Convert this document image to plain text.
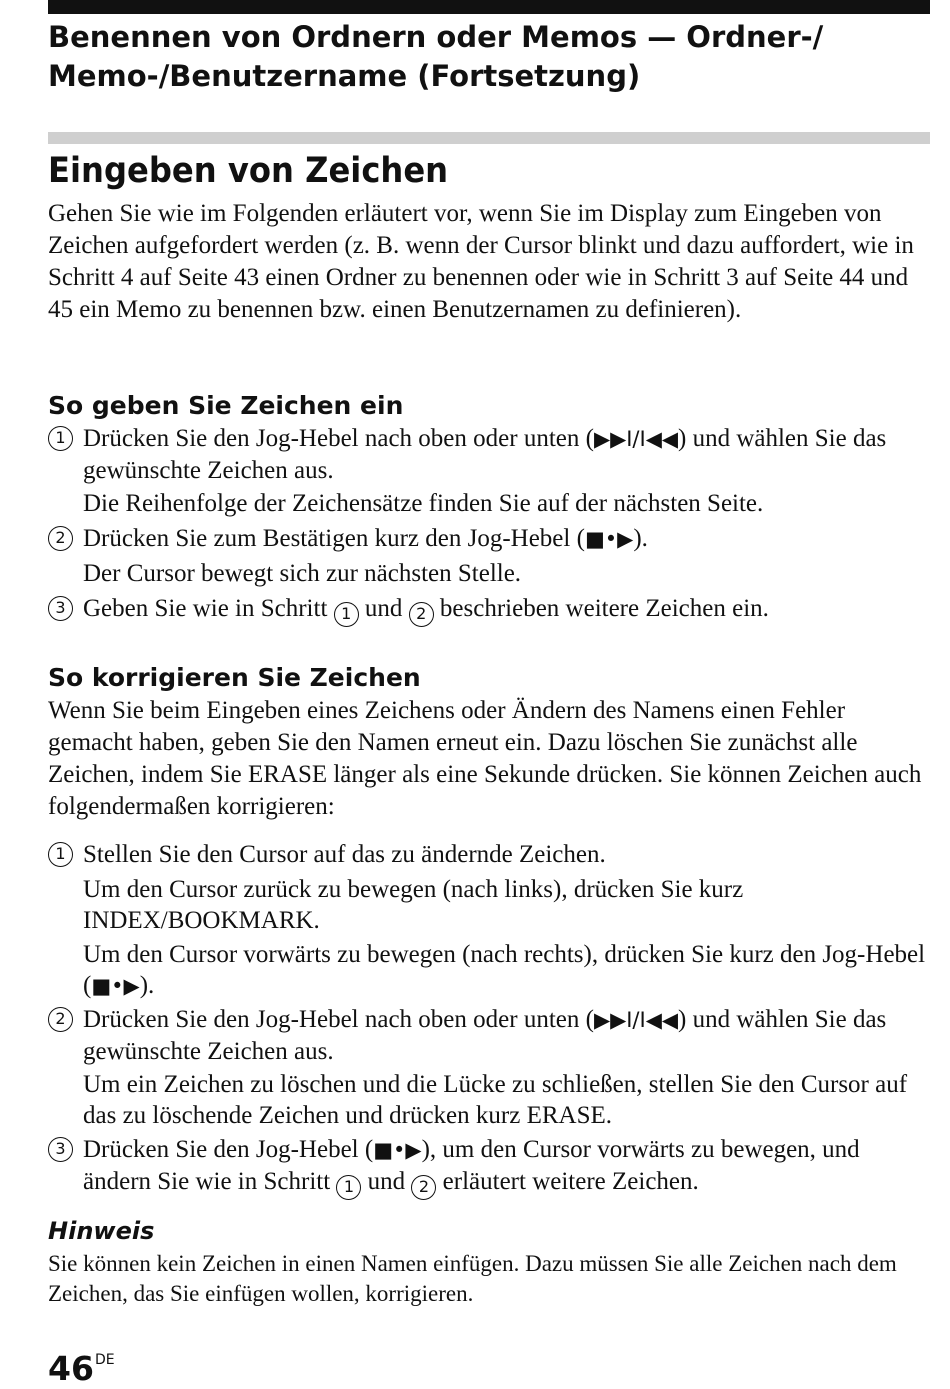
Benennen von Ordnern oder Memos — Ordner-/
Memo-/Benutzername (Fortsetzung)
Eingeben von Zeichen

Gehen Sie wie im Folgenden erläutert vor, wenn Sie im Display zum Eingeben von Zeichen aufgefordert werden (z. B. wenn der Cursor blinkt und dazu auffordert, wie in Schritt 4 auf Seite 43 einen Ordner zu benennen oder wie in Schritt 3 auf Seite 44 und 45 ein Memo zu benennen bzw. einen Benutzernamen zu definieren).

So geben Sie Zeichen ein
1 Drücken Sie den Jog-Hebel nach oben oder unten (▶▶I/I◀◀) und wählen Sie das gewünschte Zeichen aus.
Die Reihenfolge der Zeichensätze finden Sie auf der nächsten Seite.
2 Drücken Sie zum Bestätigen kurz den Jog-Hebel (■•▶).
Der Cursor bewegt sich zur nächsten Stelle.
3 Geben Sie wie in Schritt 1 und 2 beschrieben weitere Zeichen ein.
So korrigieren Sie Zeichen

Wenn Sie beim Eingeben eines Zeichens oder Ändern des Namens einen Fehler gemacht haben, geben Sie den Namen erneut ein. Dazu löschen Sie zunächst alle Zeichen, indem Sie ERASE länger als eine Sekunde drücken. Sie können Zeichen auch folgendermaßen korrigieren:

1 Stellen Sie den Cursor auf das zu ändernde Zeichen.
Um den Cursor zurück zu bewegen (nach links), drücken Sie kurz INDEX/BOOKMARK.
Um den Cursor vorwärts zu bewegen (nach rechts), drücken Sie kurz den Jog-Hebel (■•▶).
2 Drücken Sie den Jog-Hebel nach oben oder unten (▶▶I/I◀◀) und wählen Sie das gewünschte Zeichen aus.
Um ein Zeichen zu löschen und die Lücke zu schließen, stellen Sie den Cursor auf das zu löschende Zeichen und drücken kurz ERASE.
3 Drücken Sie den Jog-Hebel (■•▶), um den Cursor vorwärts zu bewegen, und ändern Sie wie in Schritt 1 und 2 erläutert weitere Zeichen.
Hinweis

Sie können kein Zeichen in einen Namen einfügen. Dazu müssen Sie alle Zeichen nach dem Zeichen, das Sie einfügen wollen, korrigieren.

46DE
